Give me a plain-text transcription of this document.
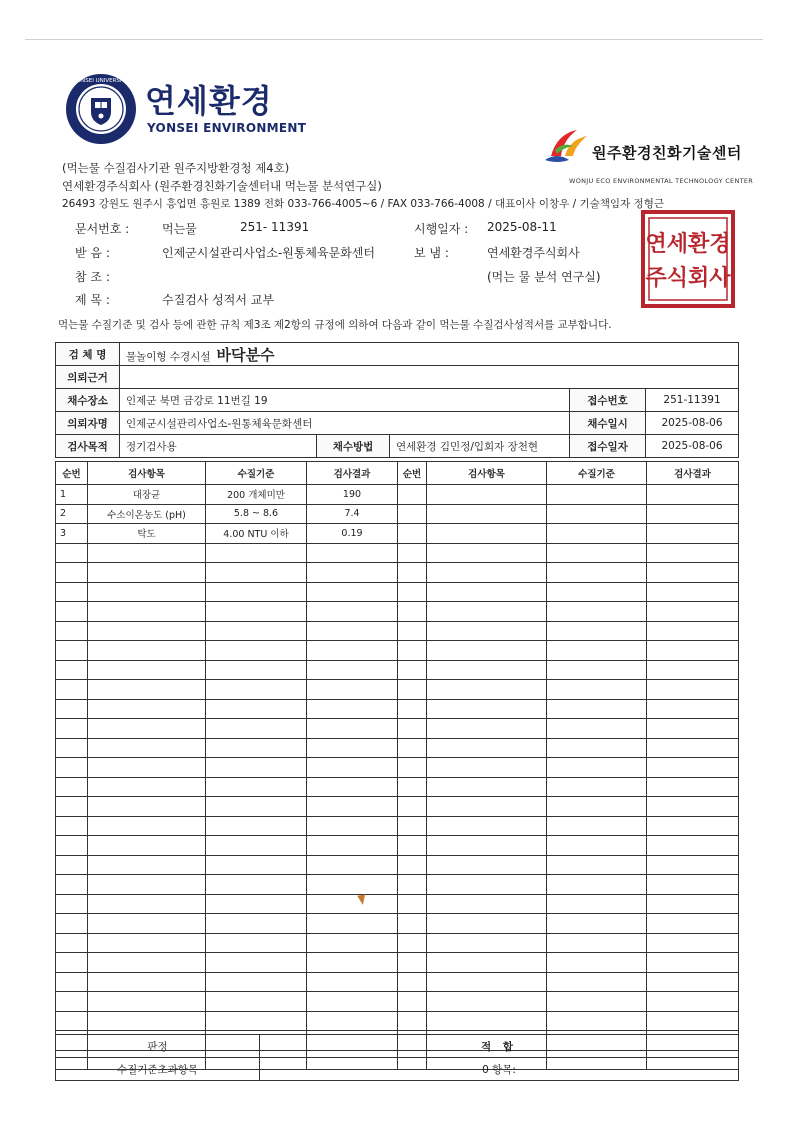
YONSEI UNIVERSITY
연세환경
YONSEI ENVIRONMENT
원주환경친화기술센터
WONJU ECO ENVIRONMENTAL TECHNOLOGY CENTER
(먹는물 수질검사기관 원주지방환경청 제4호)
연세환경주식회사 (원주환경친화기술센터내 먹는물 분석연구실)
26493 강원도 원주시 흥업면 흥원로 1389 전화 033-766-4005~6 / FAX 033-766-4008 / 대표이사 이창우 / 기술책임자 정형근
문서번호 :	먹는물	251- 11391	시행일자 : 2025-08-11
받 음 :	인제군시설관리사업소-원통체육문화센터	보 냄 :	연세환경주식회사
참 조 :	(먹는 물 분석 연구실)
제 목 :	수질검사 성적서 교부
연세환경
주식회사
먹는물 수질기준 및 검사 등에 관한 규칙 제3조 제2항의 규정에 의하여 다음과 같이 먹는물 수질검사성적서를 교부합니다.
검 체 명	물놀이형 수경시설 바닥분수				
의뢰근거					
채수장소	인제군 북면 금강로 11번길 19			접수번호	251-11391
의뢰자명	인제군시설관리사업소-원통체육문화센터			채수일시	2025-08-06
검사목적	정기검사용	채수방법	연세환경 김민정/입회자 장천현	접수일자	2025-08-06
순번	검사항목	수질기준	검사결과	순번	검사항목	수질기준	검사결과
1	대장균	200 개체미만	190				
2	수소이온농도 (pH)	5.8 ~ 8.6	7.4				
3	탁도	4.00 NTU 이하	0.19				

판정	적 합
수질기준초과항목	0 항목:
